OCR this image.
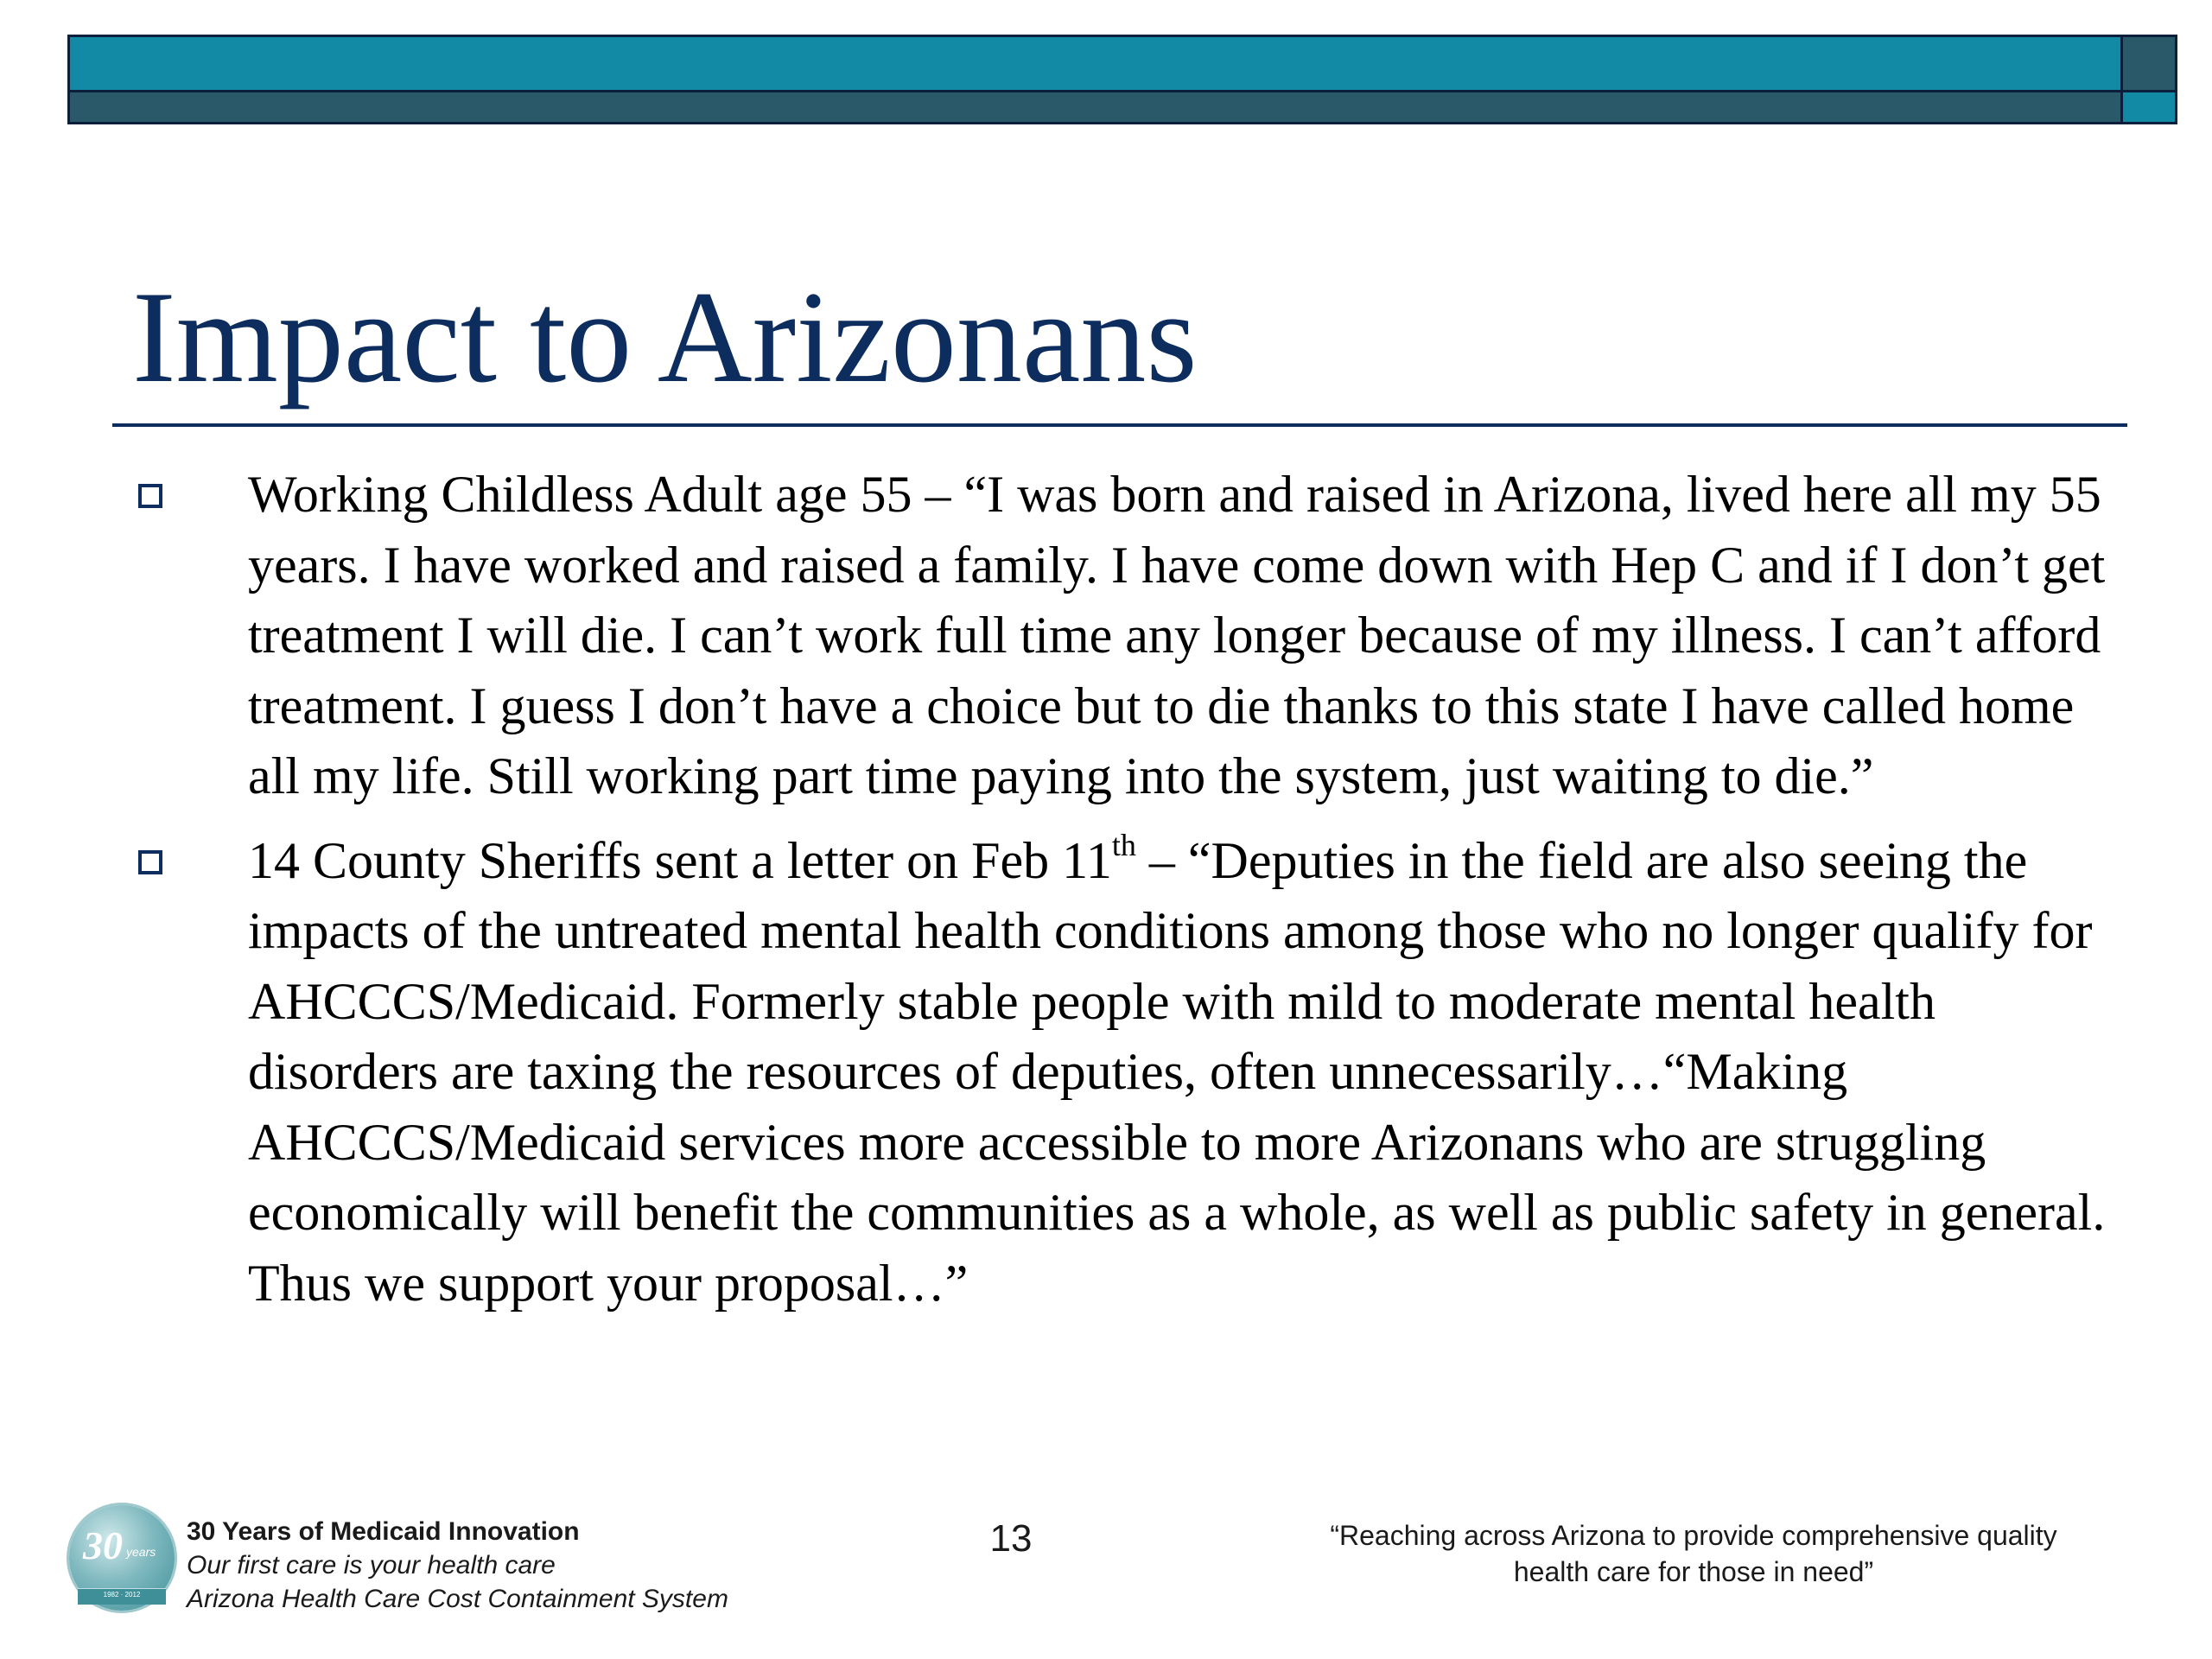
Impact to Arizonans
Working Childless Adult age 55 – “I was born and raised in Arizona, lived here all my 55 years. I have worked and raised a family. I have come down with Hep C and if I don’t get treatment I will die. I can’t work full time any longer because of my illness. I can’t afford treatment. I guess I don’t have a choice but to die thanks to this state I have called home all my life. Still working part time paying into the system, just waiting to die.”
14 County Sheriffs sent a letter on Feb 11th – “Deputies in the field are also seeing the impacts of the untreated mental health conditions among those who no longer qualify for AHCCCS/Medicaid. Formerly stable people with mild to moderate mental health disorders are taxing the resources of deputies, often unnecessarily…“Making AHCCCS/Medicaid services more accessible to more Arizonans who are struggling economically will benefit the communities as a whole, as well as public safety in general. Thus we support your proposal…”
30 years
1982 · 2012
30 Years of Medicaid Innovation
Our first care is your health care
Arizona Health Care Cost Containment System
13	“Reaching across Arizona to provide comprehensive quality
health care for those in need”
